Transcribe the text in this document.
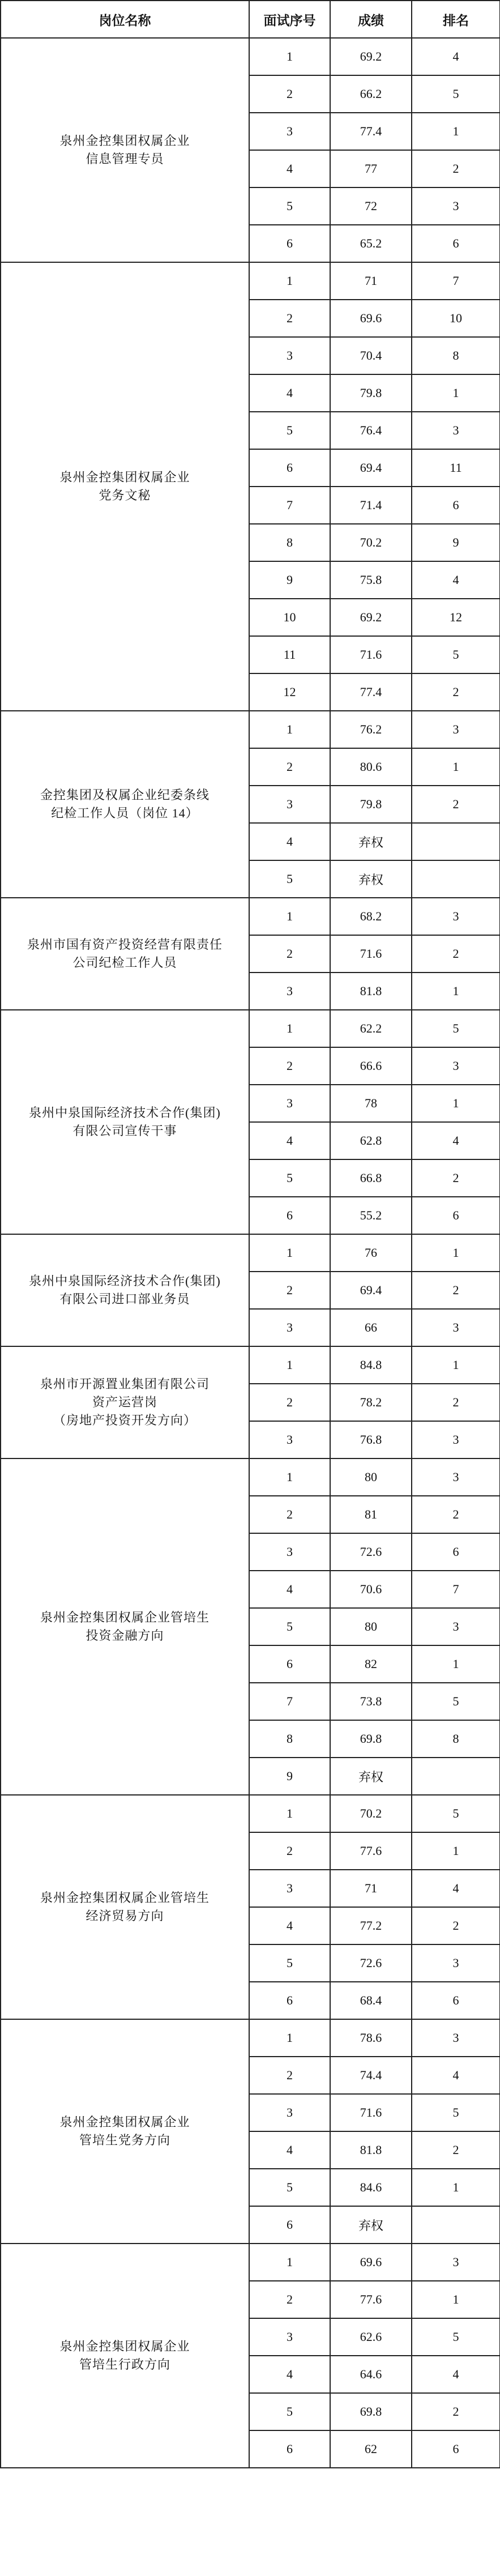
岗位名称	面试序号	成绩	排名
泉州金控集团权属企业
信息管理专员	1	69.2	4
	2	66.2	5
	3	77.4	1
	4	77	2
	5	72	3
	6	65.2	6
泉州金控集团权属企业
党务文秘	1	71	7
	2	69.6	10
	3	70.4	8
	4	79.8	1
	5	76.4	3
	6	69.4	11
	7	71.4	6
	8	70.2	9
	9	75.8	4
	10	69.2	12
	11	71.6	5
	12	77.4	2
金控集团及权属企业纪委条线
纪检工作人员（岗位 14）	1	76.2	3
	2	80.6	1
	3	79.8	2
	4	弃权	
	5	弃权	
泉州市国有资产投资经营有限责任
公司纪检工作人员	1	68.2	3
	2	71.6	2
	3	81.8	1
泉州中泉国际经济技术合作(集团)
有限公司宣传干事	1	62.2	5
	2	66.6	3
	3	78	1
	4	62.8	4
	5	66.8	2
	6	55.2	6
泉州中泉国际经济技术合作(集团)
有限公司进口部业务员	1	76	1
	2	69.4	2
	3	66	3
泉州市开源置业集团有限公司
资产运营岗
（房地产投资开发方向）	1	84.8	1
	2	78.2	2
	3	76.8	3
泉州金控集团权属企业管培生
投资金融方向	1	80	3
	2	81	2
	3	72.6	6
	4	70.6	7
	5	80	3
	6	82	1
	7	73.8	5
	8	69.8	8
	9	弃权	
泉州金控集团权属企业管培生
经济贸易方向	1	70.2	5
	2	77.6	1
	3	71	4
	4	77.2	2
	5	72.6	3
	6	68.4	6
泉州金控集团权属企业
管培生党务方向	1	78.6	3
	2	74.4	4
	3	71.6	5
	4	81.8	2
	5	84.6	1
	6	弃权	
泉州金控集团权属企业
管培生行政方向	1	69.6	3
	2	77.6	1
	3	62.6	5
	4	64.6	4
	5	69.8	2
	6	62	6
